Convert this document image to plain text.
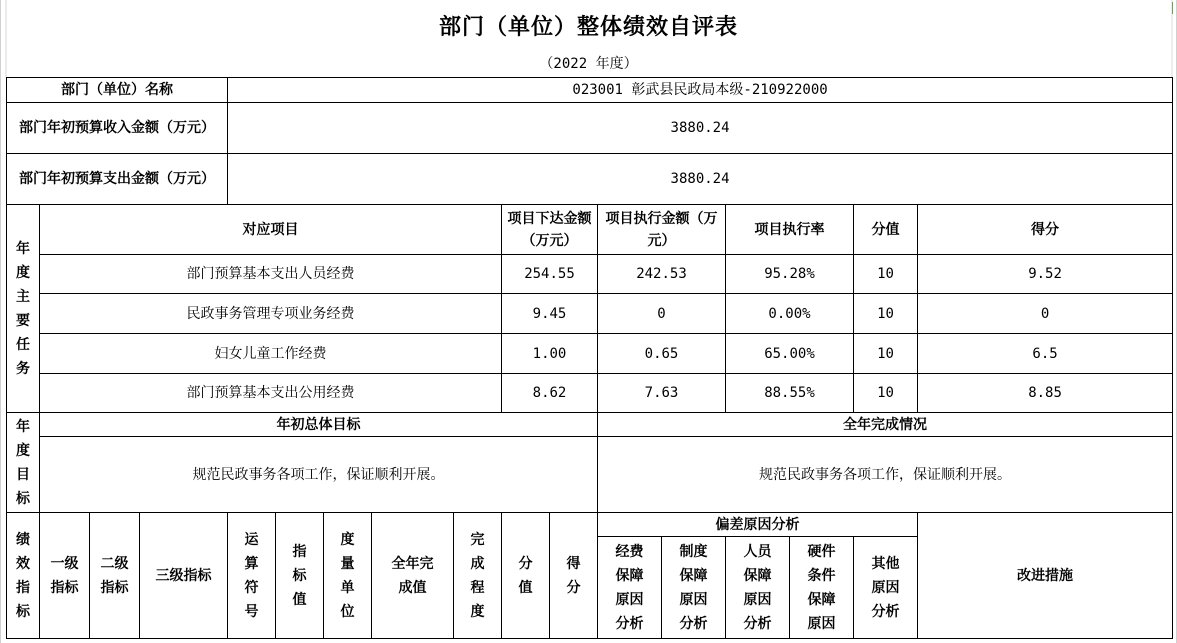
部门（单位）整体绩效自评表
（2022 年度）
部门（单位）名称				023001 彰武县民政局本级-210922000												
部门年初预算收入金额（万元）				3880.24												
部门年初预算支出金额（万元）				3880.24												
年度主要任务	对应项目								项目下达金额（万元）		项目执行金额（万元）		项目执行率		分值	得分
	部门预算基本支出人员经费								254.55		242.53		95.28%		10	9.52
	民政事务管理专项业务经费								9.45		0		0.00%		10	0
	妇女儿童工作经费								1.00		0.65		65.00%		10	6.5
	部门预算基本支出公用经费								8.62		7.63		88.55%		10	8.85
年度目标	年初总体目标										全年完成情况					
	规范民政事务各项工作，保证顺利开展。										规范民政事务各项工作，保证顺利开展。					
绩效指标	一级指标	二级指标	三级指标	运算符号	指标值	度量单位	全年完成值	完成程度	分值	得分	偏差原因分析					改进措施
											经费保障原因分析	制度保障原因分析	人员保障原因分析	硬件条件保障原因	其他原因分析	
